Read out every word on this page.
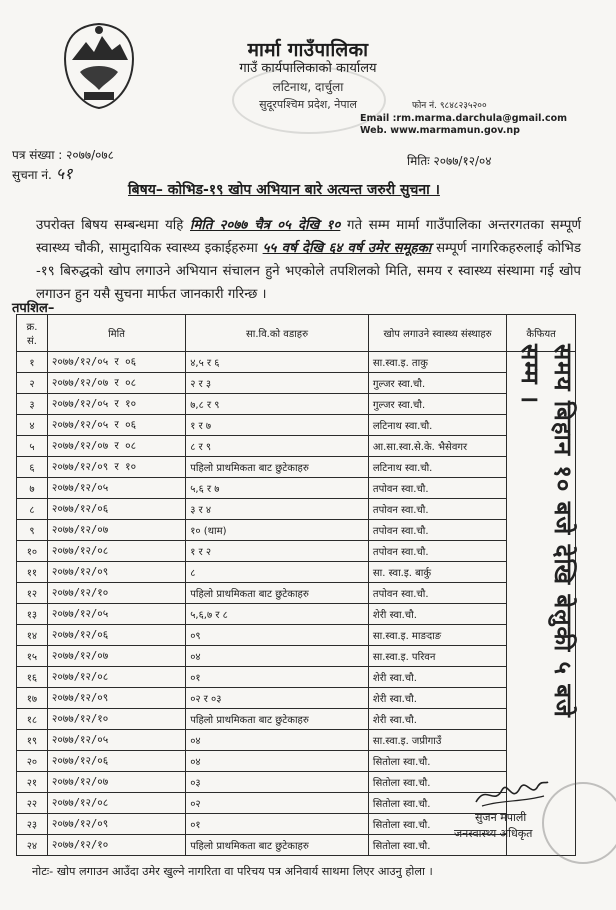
मार्मा गाउँपालिका
गाउँ कार्यपालिकाको कार्यालय
लटिनाथ, दार्चुला
सुदूरपश्चिम प्रदेश, नेपाल	फोन नं. ९८४८२३५२००
Email :rm.marma.darchula@gmail.com
Web. www.marmamun.gov.np
पत्र संख्या : २०७७/०७८
सुचना नं. ५१
मितिः २०७७/१२/०४
बिषय– कोभिड-१९ खोप अभियान बारे अत्यन्त जरुरी सुचना ।
उपरोक्त बिषय सम्बन्धमा यहि मिति २०७७ चैत्र ०५ देखि १० गते सम्म मार्मा गाउँपालिका अन्तरगतका सम्पूर्ण स्वास्थ्य चौकी, सामुदायिक स्वास्थ्य इकाईहरुमा ५५ वर्ष देखि ६४ वर्ष उमेर समूहका सम्पूर्ण नागरिकहरुलाई कोभिड -१९ बिरुद्धको खोप लगाउने अभियान संचालन हुने भएकोले तपशिलको मिति, समय र स्वास्थ्य संस्थामा गई खोप लगाउन हुन यसै सुचना मार्फत जानकारी गरिन्छ ।
तपशिल–
क्र. सं.	मिति	सा.वि.को वडाहरु	खोप लगाउने स्वास्थ्य संस्थाहरु	कैफियत
१	२०७७/१२/०५ र ०६	४,५ र ६	सा.स्वा.इ. ताकु	
२	२०७७/१२/०७ र ०८	२ र ३	गुल्जर स्वा.चौ.	
३	२०७७/१२/०५ र १०	७,८ र ९	गुल्जर स्वा.चौ.	
४	२०७७/१२/०५ र ०६	१ र ७	लटिनाथ स्वा.चौ.	
५	२०७७/१२/०७ र ०८	८ र ९	आ.सा.स्वा.से.के. भैसेवगर	
६	२०७७/१२/०९ र १०	पहिलो प्राथमिकता बाट छुटेकाहरु	लटिनाथ स्वा.चौ.	
७	२०७७/१२/०५	५,६ र ७	तपोवन स्वा.चौ.	
८	२०७७/१२/०६	३ र ४	तपोवन स्वा.चौ.	
९	२०७७/१२/०७	१० (थाम)	तपोवन स्वा.चौ.	
१०	२०७७/१२/०८	१ र २	तपोवन स्वा.चौ.	
११	२०७७/१२/०९	८	सा. स्वा.इ. बार्कु	
१२	२०७७/१२/१०	पहिलो प्राथमिकता बाट छुटेकाहरु	तपोवन स्वा.चौ.	
१३	२०७७/१२/०५	५,६,७ र ८	शेरी स्वा.चौ.	
१४	२०७७/१२/०६	०९	सा.स्वा.इ. माङदाङ	
१५	२०७७/१२/०७	०४	सा.स्वा.इ. परिवन	
१६	२०७७/१२/०८	०१	शेरी स्वा.चौ.	
१७	२०७७/१२/०९	०२ र ०३	शेरी स्वा.चौ.	
१८	२०७७/१२/१०	पहिलो प्राथमिकता बाट छुटेकाहरु	शेरी स्वा.चौ.	
१९	२०७७/१२/०५	०४	सा.स्वा.इ. जप्रीगाउँ	
२०	२०७७/१२/०६	०४	सितोला स्वा.चौ.	
२१	२०७७/१२/०७	०३	सितोला स्वा.चौ.	
२२	२०७७/१२/०८	०२	सितोला स्वा.चौ.	
२३	२०७७/१२/०९	०१	सितोला स्वा.चौ.	
२४	२०७७/१२/१०	पहिलो प्राथमिकता बाट छुटेकाहरु	सितोला स्वा.चौ.	
समय बिहान १० बजे देखि बेलुकी ५ बजे सम्म ।
सुजन मपाली
जनस्वास्थ्य अधिकृत
नोटः- खोप लगाउन आउँदा उमेर खुल्ने नागरिता वा परिचय पत्र अनिवार्य साथमा लिएर आउनु होला ।
